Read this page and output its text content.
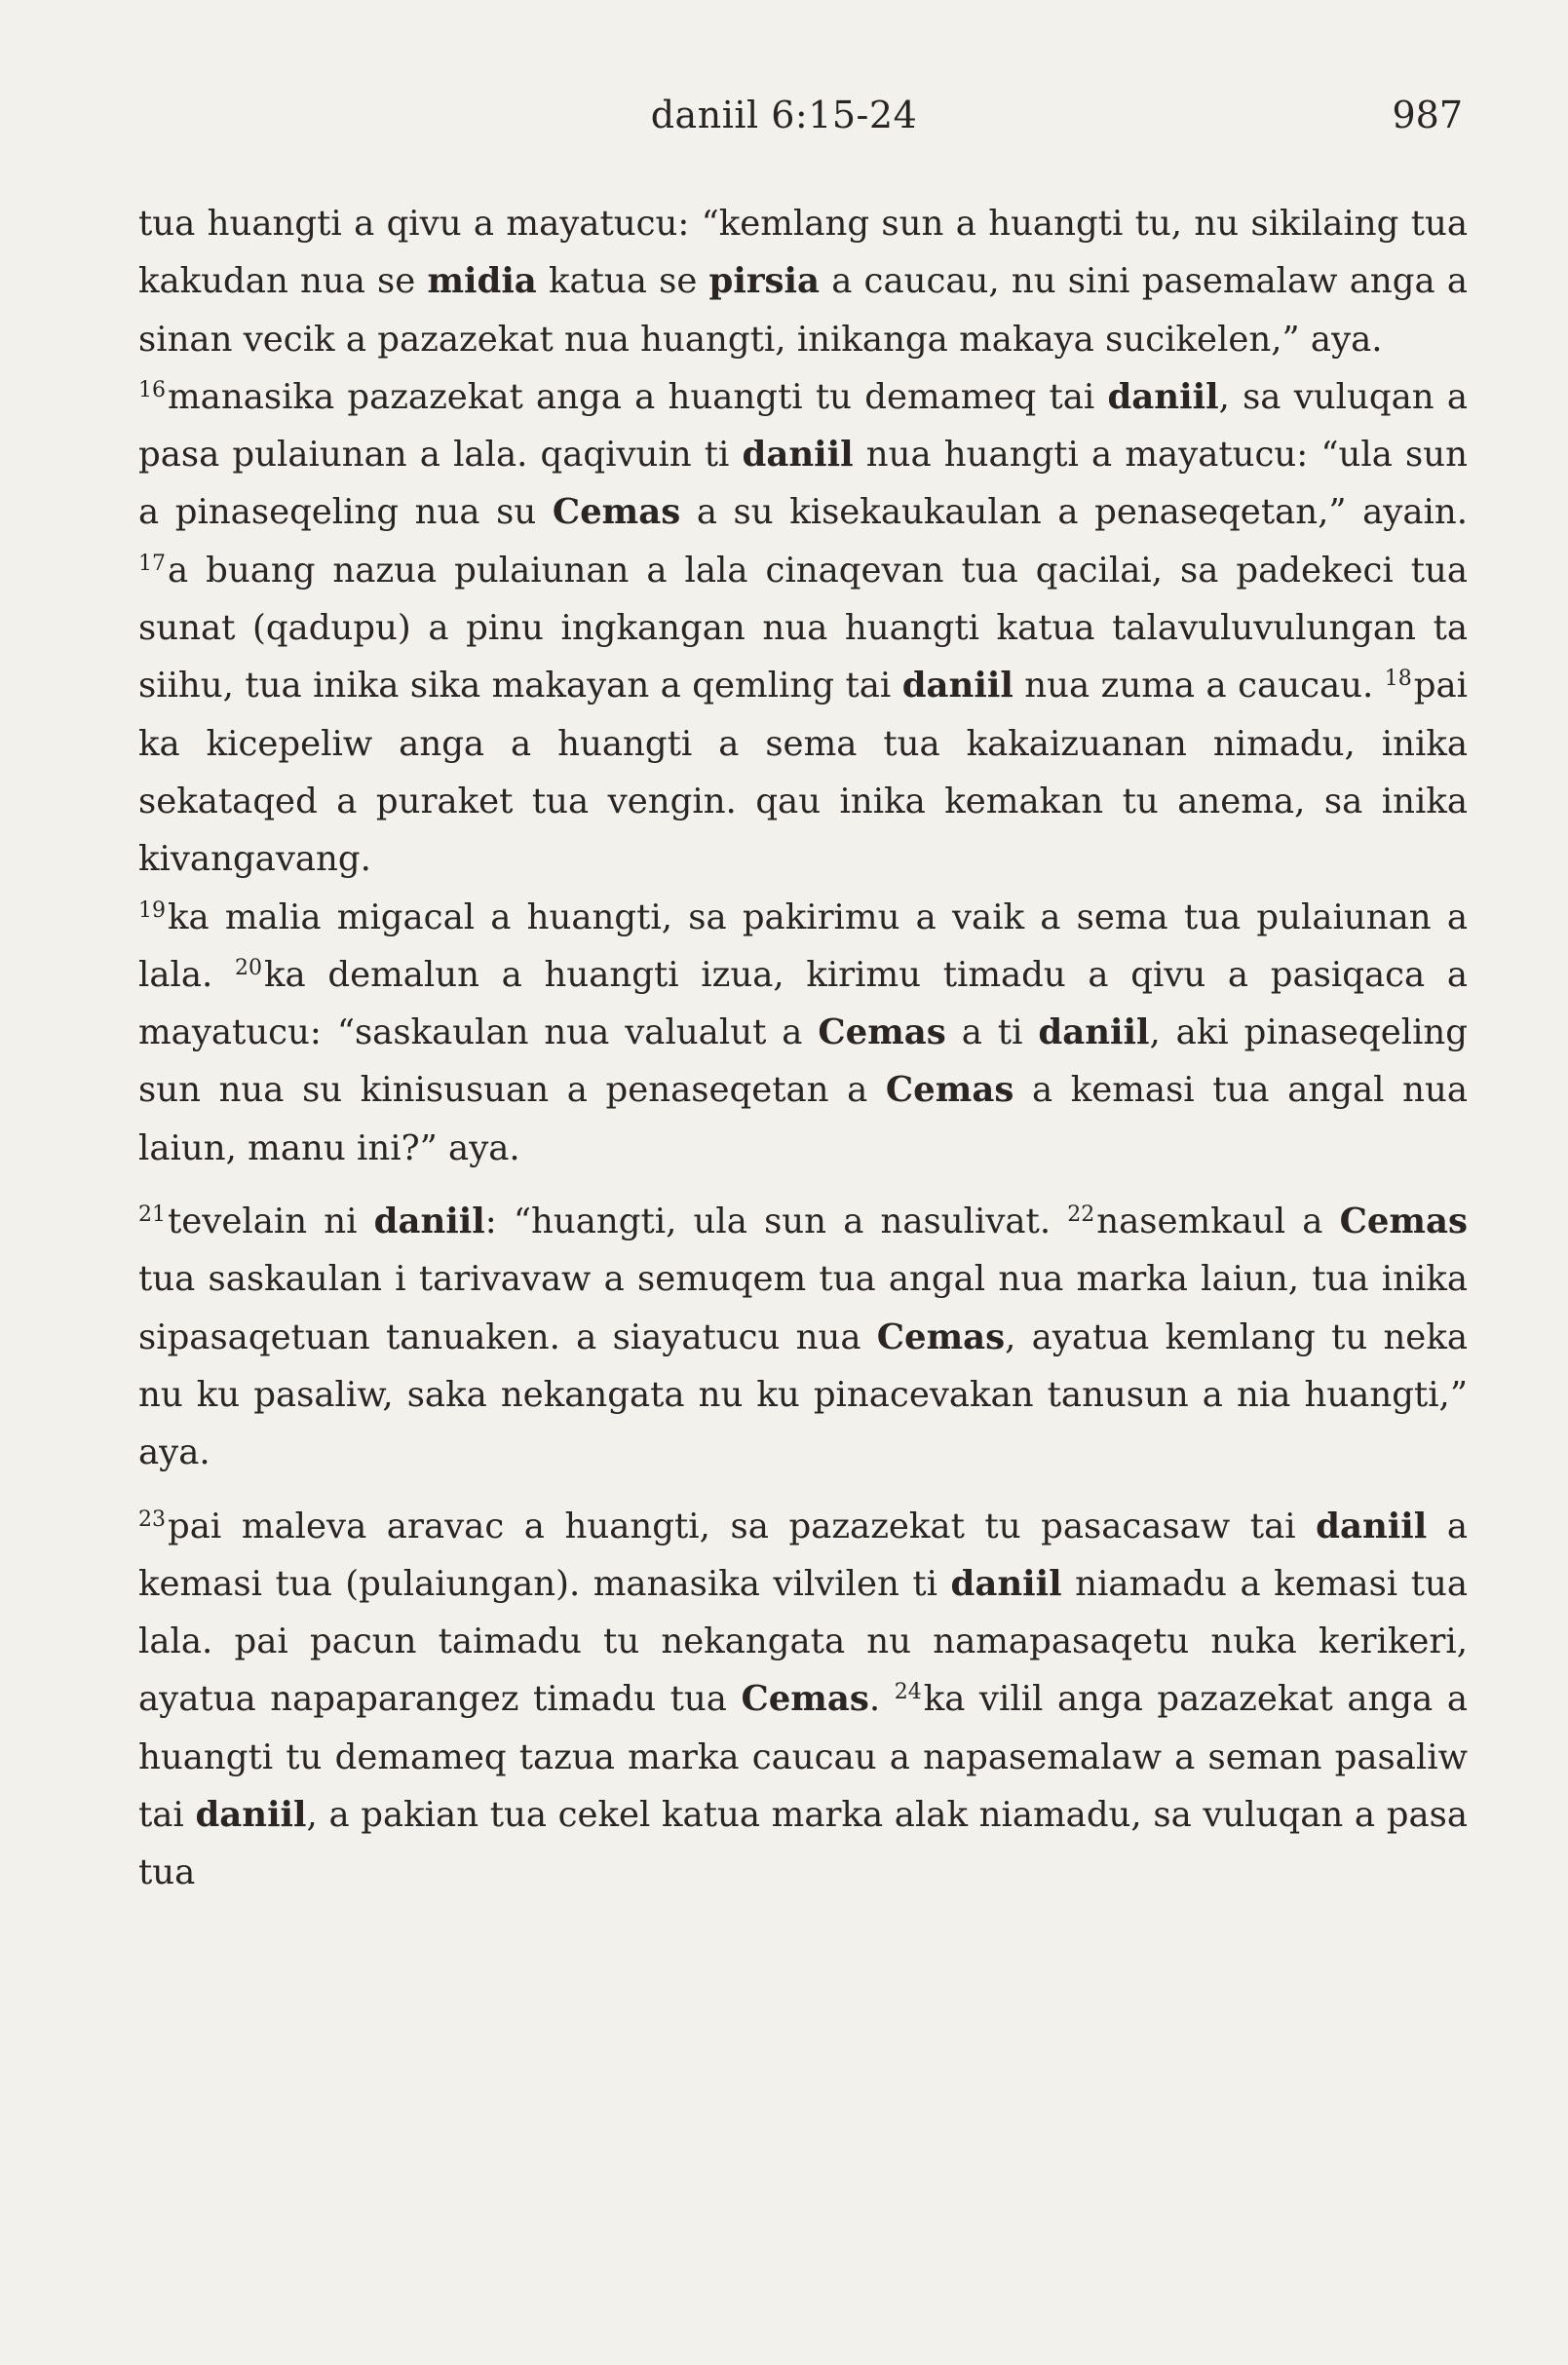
daniil 6:15-24	987

tua huangti a qivu a mayatucu: “kemlang sun a huangti tu, nu sikilaing tua kakudan nua se midia katua se pirsia a caucau, nu sini pasemalaw anga a sinan vecik a pazazekat nua huangti, inikanga makaya sucikelen,” aya.

$^{16}$manasika pazazekat anga a huangti tu demameq tai daniil, sa vuluqan a pasa pulaiunan a lala. qaqivuin ti daniil nua huangti a mayatucu: “ula sun a pinaseqeling nua su Cemas a su kisekaukaulan a penaseqetan,” ayain. $^{17}$a buang nazua pulaiunan a lala cinaqevan tua qacilai, sa padekeci tua sunat (qadupu) a pinu ingkangan nua huangti katua talavuluvulungan ta siihu, tua inika sika makayan a qemling tai daniil nua zuma a caucau. $^{18}$pai ka kicepeliw anga a huangti a sema tua kakaizuanan nimadu, inika sekataqed a puraket tua vengin. qau inika kemakan tu anema, sa inika kivangavang.

$^{19}$ka malia migacal a huangti, sa pakirimu a vaik a sema tua pulaiunan a lala. $^{20}$ka demalun a huangti izua, kirimu timadu a qivu a pasiqaca a mayatucu: “saskaulan nua valualut a Cemas a ti daniil, aki pinaseqeling sun nua su kinisusuan a penaseqetan a Cemas a kemasi tua angal nua laiun, manu ini?” aya.

$^{21}$tevelain ni daniil: “huangti, ula sun a nasulivat. $^{22}$nasemkaul a Cemas tua saskaulan i tarivavaw a semuqem tua angal nua marka laiun, tua inika sipasaqetuan tanuaken. a siayatucu nua Cemas, ayatua kemlang tu neka nu ku pasaliw, saka nekangata nu ku pinacevakan tanusun a nia huangti,” aya.

$^{23}$pai maleva aravac a huangti, sa pazazekat tu pasacasaw tai daniil a kemasi tua (pulaiungan). manasika vilvilen ti daniil niamadu a kemasi tua lala. pai pacun taimadu tu nekangata nu namapasaqetu nuka kerikeri, ayatua napaparangez timadu tua Cemas. $^{24}$ka vilil anga pazazekat anga a huangti tu demameq tazua marka caucau a napasemalaw a seman pasaliw tai daniil, a pakian tua cekel katua marka alak niamadu, sa vuluqan a pasa tua
